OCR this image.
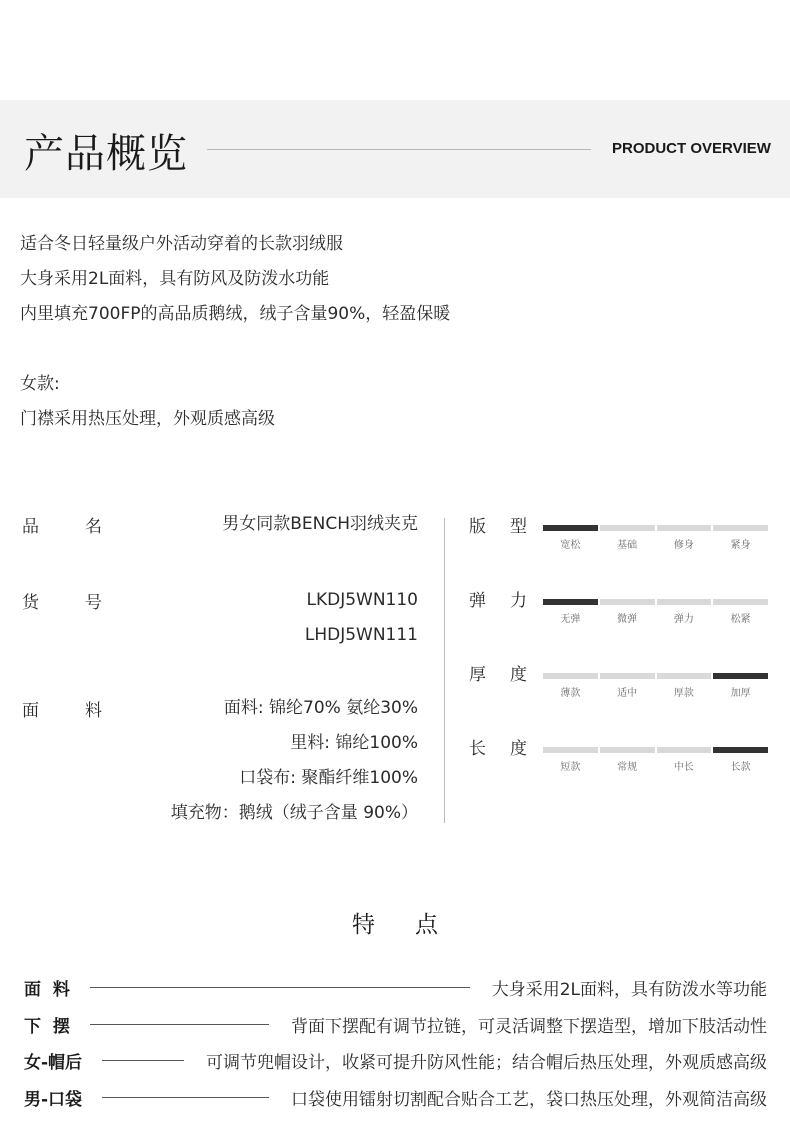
产品概览	PRODUCT OVERVIEW
适合冬日轻量级户外活动穿着的长款羽绒服
大身采用2L面料，具有防风及防泼水功能
内里填充700FP的高品质鹅绒，绒子含量90%，轻盈保暖
女款:
门襟采用热压处理，外观质感高级
品	名	男女同款BENCH羽绒夹克
货	号	LKDJ5WN110
LHDJ5WN111
面	料	面料: 锦纶70% 氨纶30%
里料: 锦纶100%
口袋布: 聚酯纤维100%
填充物：鹅绒（绒子含量 90%）
版 型
宽松	基础	修身	紧身
弹 力
无弹	微弹	弹力	松紧
厚 度
薄款	适中	厚款	加厚
长 度
短款	常规	中长	长款
特 点
面  料	大身采用2L面料，具有防泼水等功能
下  摆	背面下摆配有调节拉链，可灵活调整下摆造型，增加下肢活动性
女-帽后	可调节兜帽设计，收紧可提升防风性能；结合帽后热压处理，外观质感高级
男-口袋	口袋使用镭射切割配合贴合工艺，袋口热压处理，外观简洁高级
